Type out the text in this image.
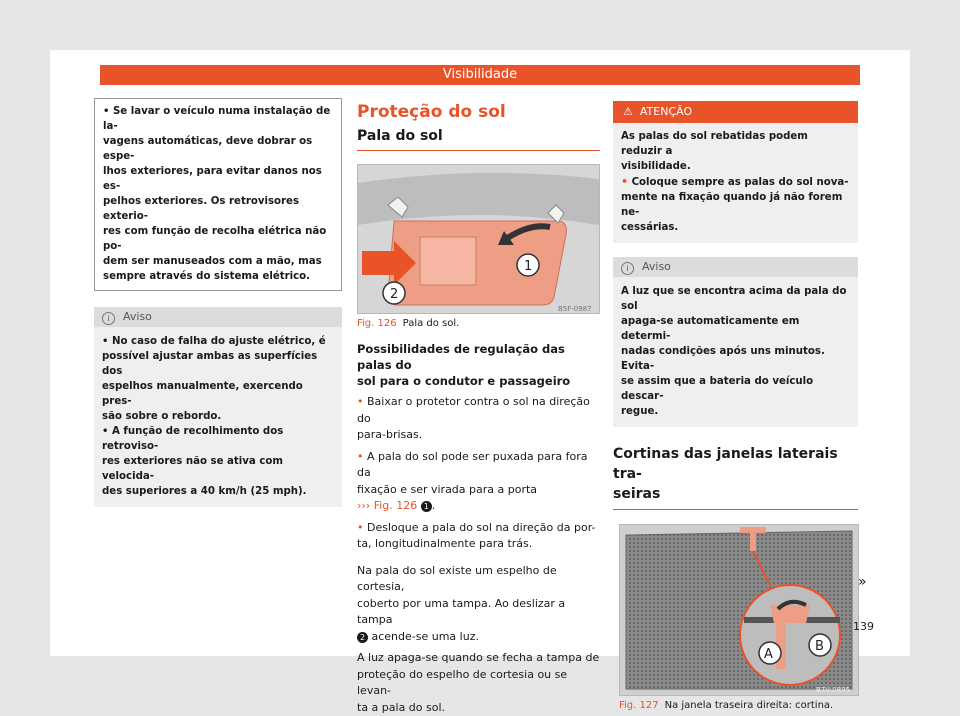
Visibilidade
• Se lavar o veículo numa instalação de la-
vagens automáticas, deve dobrar os espe-
lhos exteriores, para evitar danos nos es-
pelhos exteriores. Os retrovisores exterio-
res com função de recolha elétrica não po-
dem ser manuseados com a mão, mas
sempre através do sistema elétrico.
i Aviso
• No caso de falha do ajuste elétrico, é
possível ajustar ambas as superfícies dos
espelhos manualmente, exercendo pres-
são sobre o rebordo.
• A função de recolhimento dos retroviso-
res exteriores não se ativa com velocida-
des superiores a 40 km/h (25 mph).
Proteção do sol
Pala do sol
B5F-0987
1
2
Fig. 126 Pala do sol.
Possibilidades de regulação das palas do
sol para o condutor e passageiro
• Baixar o protetor contra o sol na direção do
para-brisas.
• A pala do sol pode ser puxada para fora da
fixação e ser virada para a porta
››› Fig. 126 1 .
• Desloque a pala do sol na direção da por-
ta, longitudinalmente para trás.
Na pala do sol existe um espelho de cortesia,
coberto por uma tampa. Ao deslizar a tampa
2 acende-se uma luz.
A luz apaga-se quando se fecha a tampa de
proteção do espelho de cortesia ou se levan-
ta a pala do sol.
⚠ ATENÇÃO
As palas do sol rebatidas podem reduzir a
visibilidade.
• Coloque sempre as palas do sol nova-
mente na fixação quando já não forem ne-
cessárias.
i Aviso
A luz que se encontra acima da pala do sol
apaga-se automaticamente em determi-
nadas condições após uns minutos. Evita-
se assim que a bateria do veículo descar-
regue.
Cortinas das janelas laterais tra-
seiras
A
B
B7V-0895
Fig. 127 Na janela traseira direita: cortina.
»
139
